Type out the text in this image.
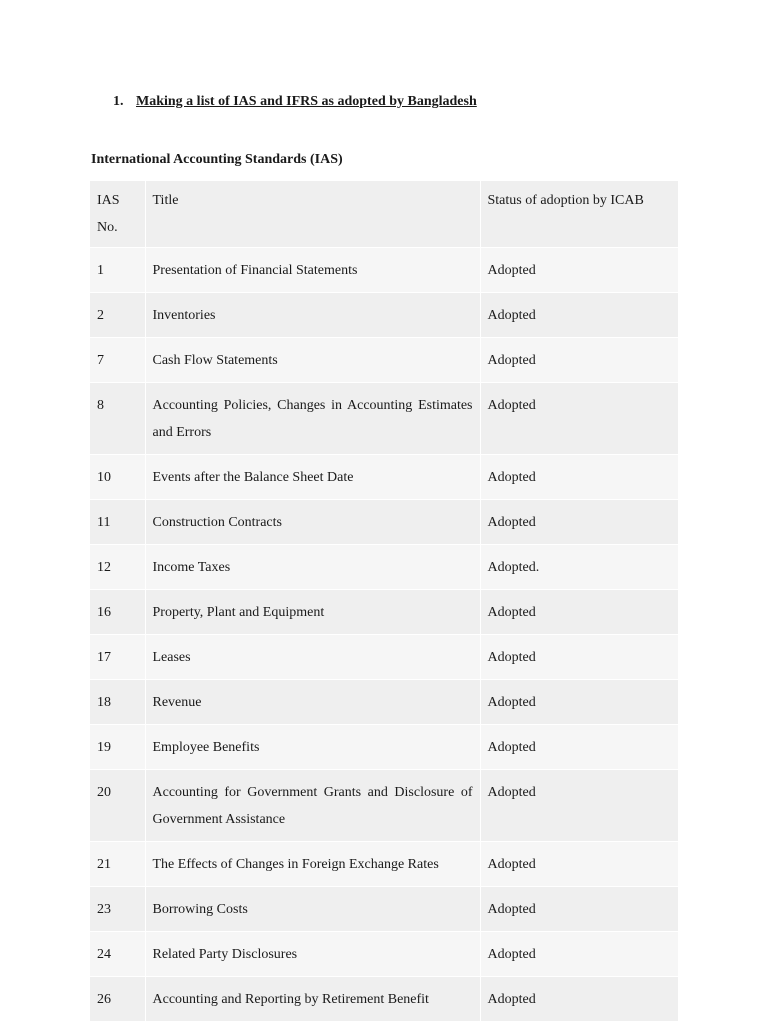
1. Making a list of IAS and IFRS as adopted by Bangladesh
International Accounting Standards (IAS)
IAS No.	Title	Status of adoption by ICAB
1	Presentation of Financial Statements	Adopted
2	Inventories	Adopted
7	Cash Flow Statements	Adopted
8	Accounting Policies, Changes in Accounting Estimates and Errors	Adopted
10	Events after the Balance Sheet Date	Adopted
11	Construction Contracts	Adopted
12	Income Taxes	Adopted.
16	Property, Plant and Equipment	Adopted
17	Leases	Adopted
18	Revenue	Adopted
19	Employee Benefits	Adopted
20	Accounting for Government Grants and Disclosure of Government Assistance	Adopted
21	The Effects of Changes in Foreign Exchange Rates	Adopted
23	Borrowing Costs	Adopted
24	Related Party Disclosures	Adopted
26	Accounting and Reporting by Retirement Benefit	Adopted
